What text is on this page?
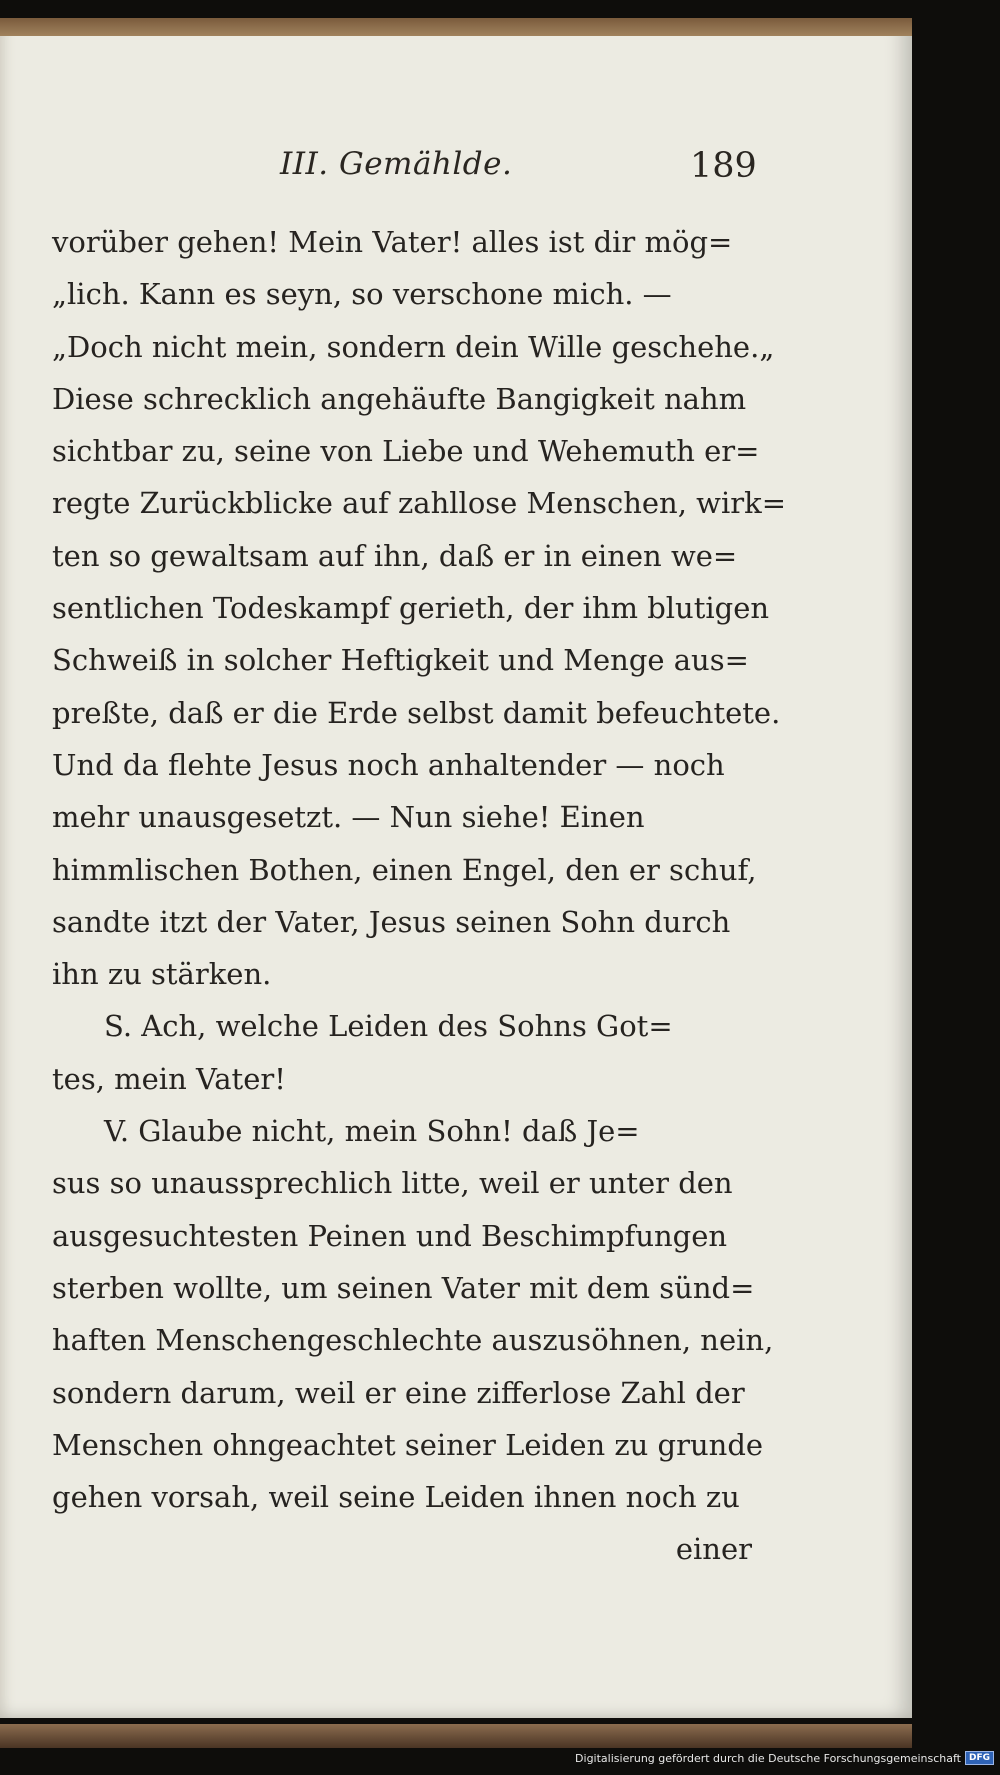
III. Gemählde.	189
vorüber gehen! Mein Vater! alles ist dir mög=
„lich. Kann es seyn, so verschone mich. —
„Doch nicht mein, sondern dein Wille geschehe.„
Diese schrecklich angehäufte Bangigkeit nahm
sichtbar zu, seine von Liebe und Wehemuth er=
regte Zurückblicke auf zahllose Menschen, wirk=
ten so gewaltsam auf ihn, daß er in einen we=
sentlichen Todeskampf gerieth, der ihm blutigen
Schweiß in solcher Heftigkeit und Menge aus=
preßte, daß er die Erde selbst damit befeuchtete.
Und da flehte Jesus noch anhaltender — noch
mehr unausgesetzt. — Nun siehe! Einen
himmlischen Bothen, einen Engel, den er schuf,
sandte itzt der Vater, Jesus seinen Sohn durch
ihn zu stärken.
S. Ach, welche Leiden des Sohns Got=
tes, mein Vater!
V. Glaube nicht, mein Sohn! daß Je=
sus so unaussprechlich litte, weil er unter den
ausgesuchtesten Peinen und Beschimpfungen
sterben wollte, um seinen Vater mit dem sünd=
haften Menschengeschlechte auszusöhnen, nein,
sondern darum, weil er eine zifferlose Zahl der
Menschen ohngeachtet seiner Leiden zu grunde
gehen vorsah, weil seine Leiden ihnen noch zu
einer
Digitalisierung gefördert durch die Deutsche Forschungsgemeinschaft DFG
